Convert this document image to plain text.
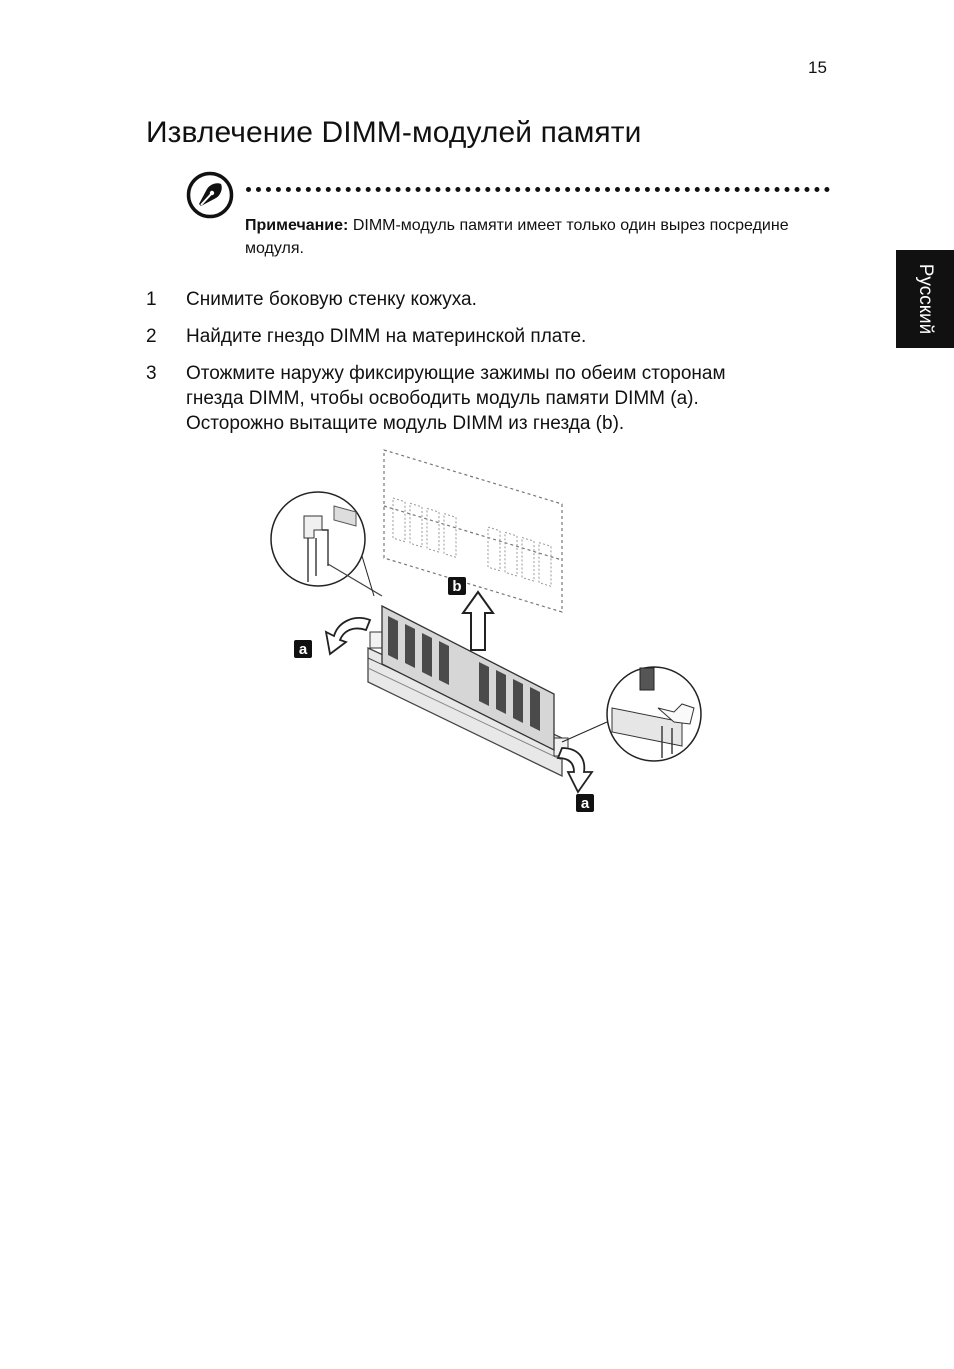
15
Извлечение DIMM-модулей памяти
Русский
Примечание: DIMM-модуль памяти имеет только один вырез посредине модуля.
1 Снимите боковую стенку кожуха.
2 Найдите гнездо DIMM на материнской плате.
3 Отожмите наружу фиксирующие зажимы по обеим сторонам гнезда DIMM, чтобы освободить модуль памяти DIMM (a). Осторожно вытащите модуль DIMM из гнезда (b).
b
a
a
